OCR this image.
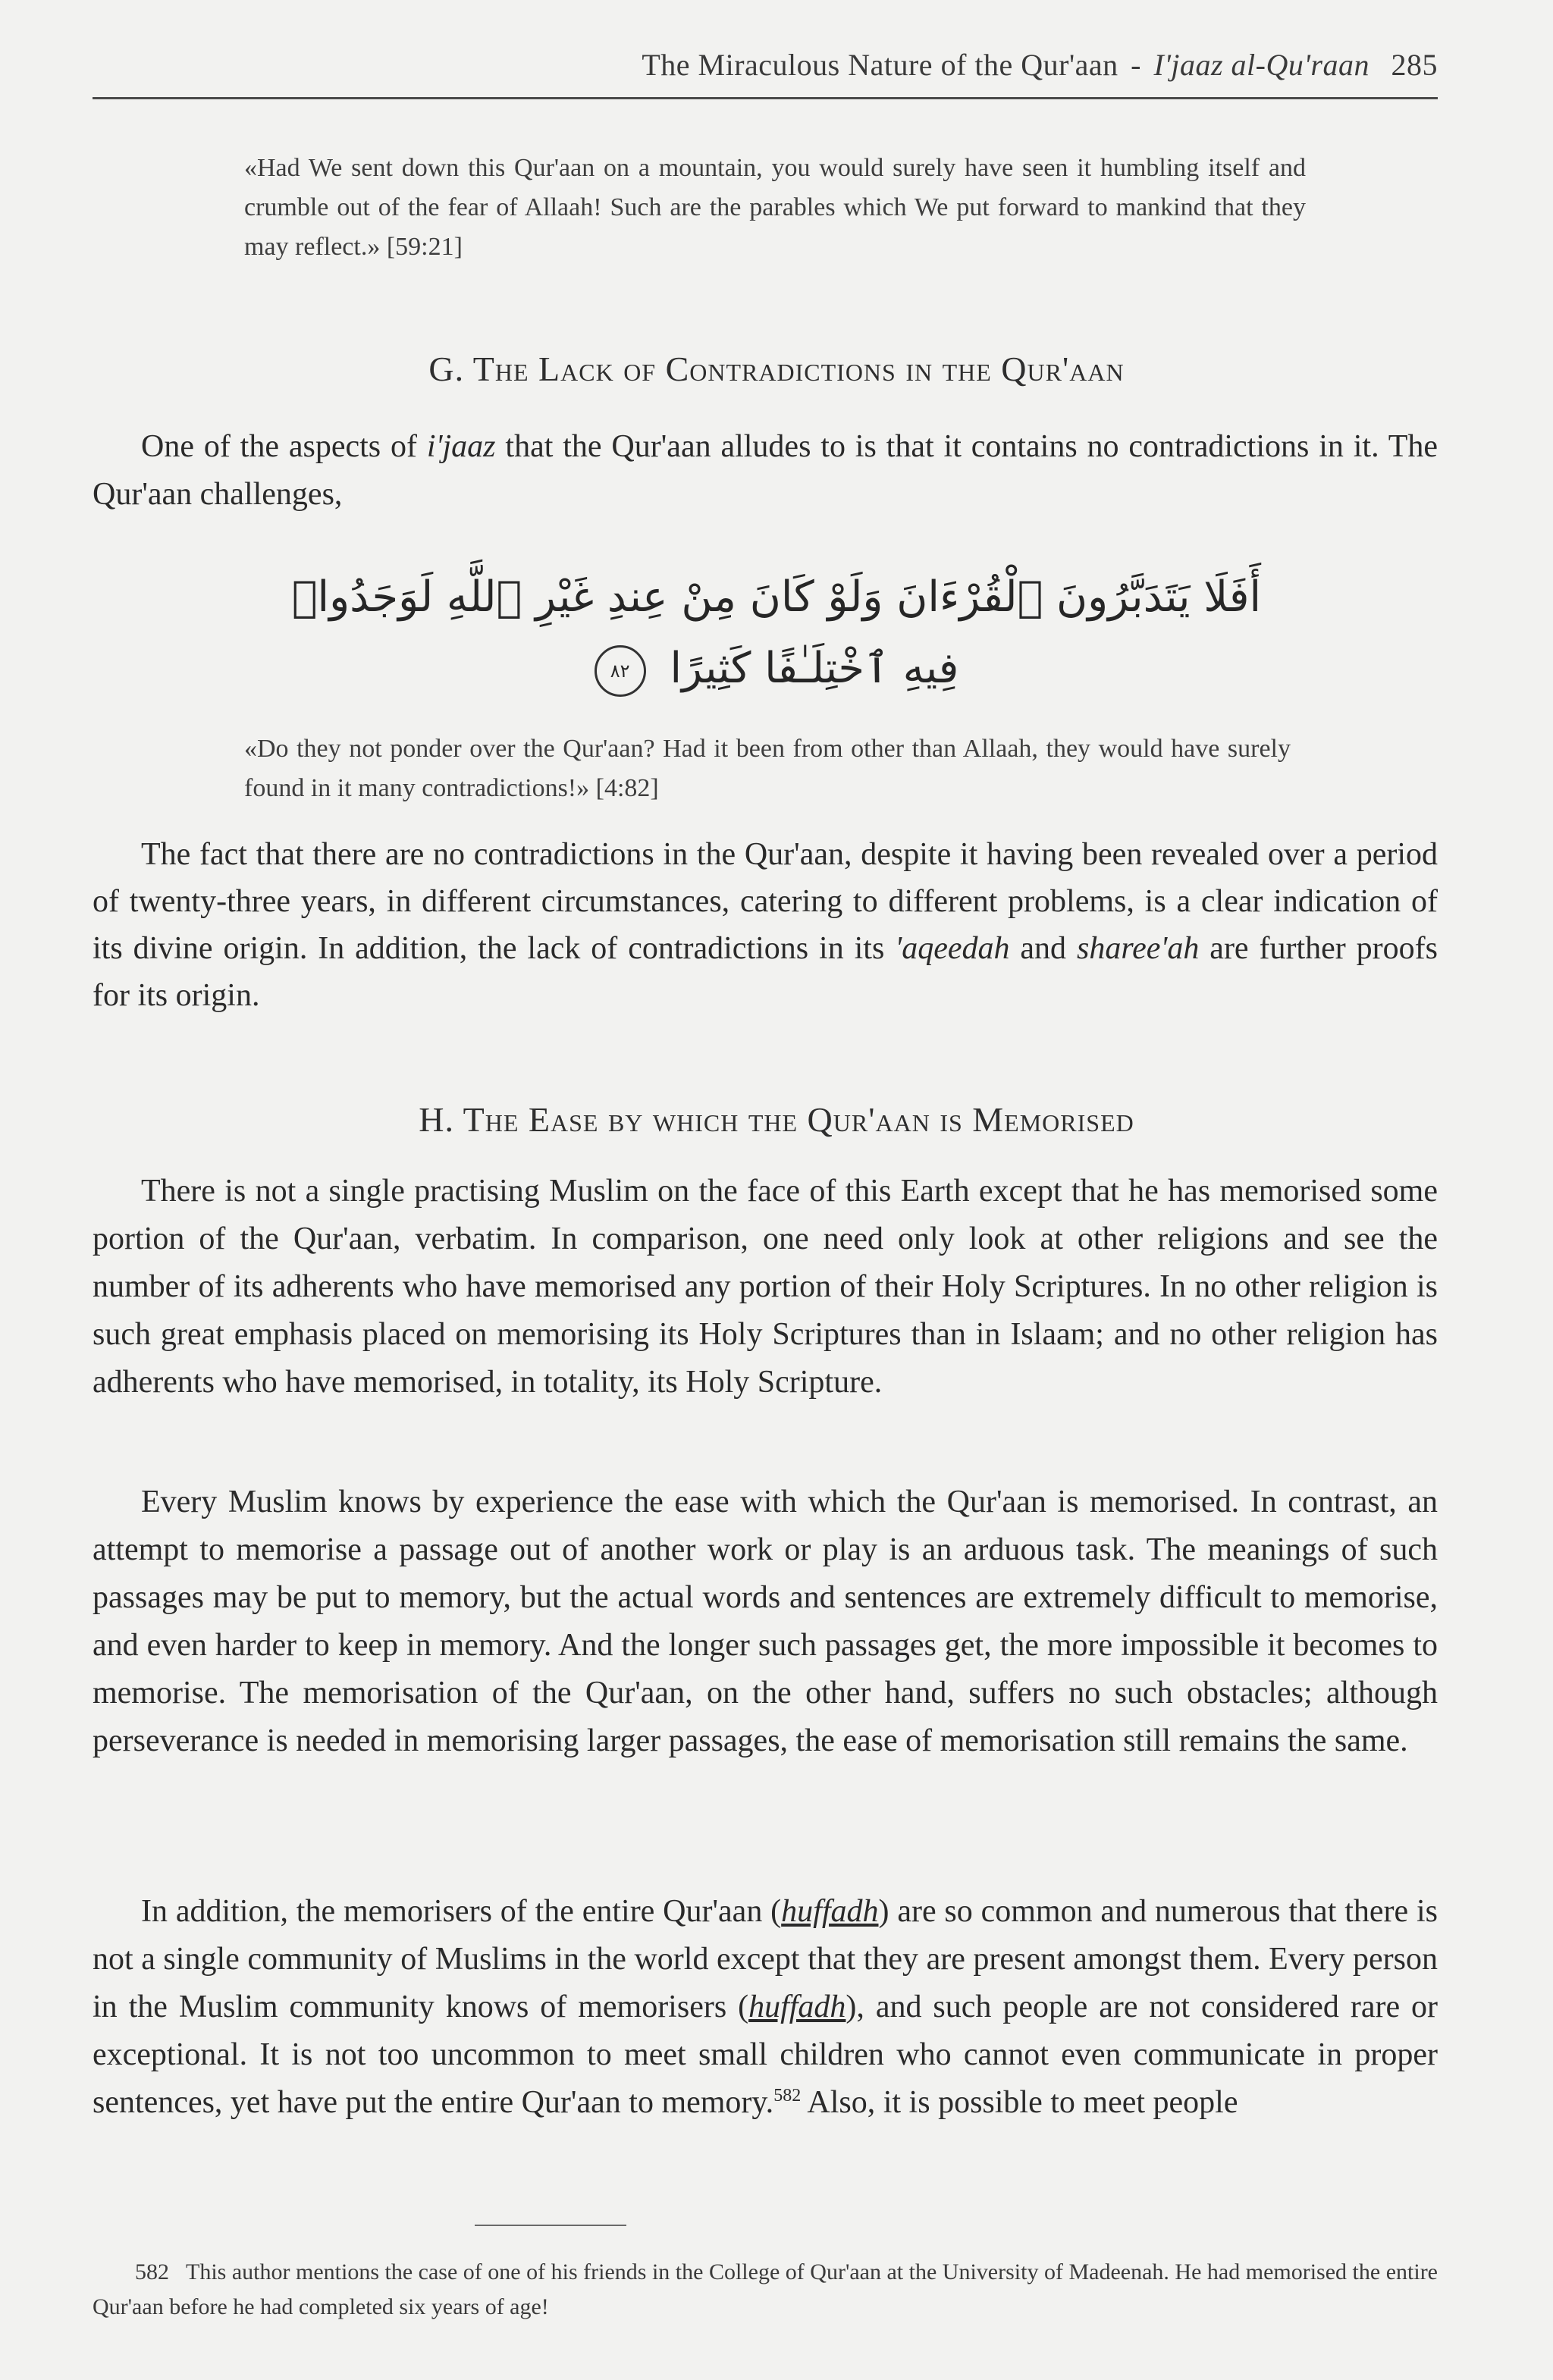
The Miraculous Nature of the Qur'aan - I'jaaz al-Qu'raan 285
«Had We sent down this Qur'aan on a mountain, you would surely have seen it humbling itself and crumble out of the fear of Allaah! Such are the parables which We put forward to mankind that they may reflect.» [59:21]
G. The Lack of Contradictions in the Qur'aan

One of the aspects of i'jaaz that the Qur'aan alludes to is that it contains no contradictions in it. The Qur'aan challenges,

أَفَلَا يَتَدَبَّرُونَ ٱلْقُرْءَانَ وَلَوْ كَانَ مِنْ عِندِ غَيْرِ ٱللَّهِ لَوَجَدُوا۟
فِيهِ ٱخْتِلَـٰفًا كَثِيرًا ٨٢
«Do they not ponder over the Qur'aan? Had it been from other than Allaah, they would have surely found in it many contradictions!» [4:82]

The fact that there are no contradictions in the Qur'aan, despite it having been revealed over a period of twenty-three years, in different circumstances, catering to different problems, is a clear indication of its divine origin. In addition, the lack of contradictions in its 'aqeedah and sharee'ah are further proofs for its origin.

H. The Ease by which the Qur'aan is Memorised

There is not a single practising Muslim on the face of this Earth except that he has memorised some portion of the Qur'aan, verbatim. In comparison, one need only look at other religions and see the number of its adherents who have memorised any portion of their Holy Scriptures. In no other religion is such great emphasis placed on memorising its Holy Scriptures than in Islaam; and no other religion has adherents who have memorised, in totality, its Holy Scripture.

Every Muslim knows by experience the ease with which the Qur'aan is memorised. In contrast, an attempt to memorise a passage out of another work or play is an arduous task. The meanings of such passages may be put to memory, but the actual words and sentences are extremely difficult to memorise, and even harder to keep in memory. And the longer such passages get, the more impossible it becomes to memorise. The memorisation of the Qur'aan, on the other hand, suffers no such obstacles; although perseverance is needed in memorising larger passages, the ease of memorisation still remains the same.

In addition, the memorisers of the entire Qur'aan (huffadh) are so common and numerous that there is not a single community of Muslims in the world except that they are present amongst them. Every person in the Muslim community knows of memorisers (huffadh), and such people are not considered rare or exceptional. It is not too uncommon to meet small children who cannot even communicate in proper sentences, yet have put the entire Qur'aan to memory.$^{582}$ Also, it is possible to meet people

582 This author mentions the case of one of his friends in the College of Qur'aan at the University of Madeenah. He had memorised the entire Qur'aan before he had completed six years of age!
